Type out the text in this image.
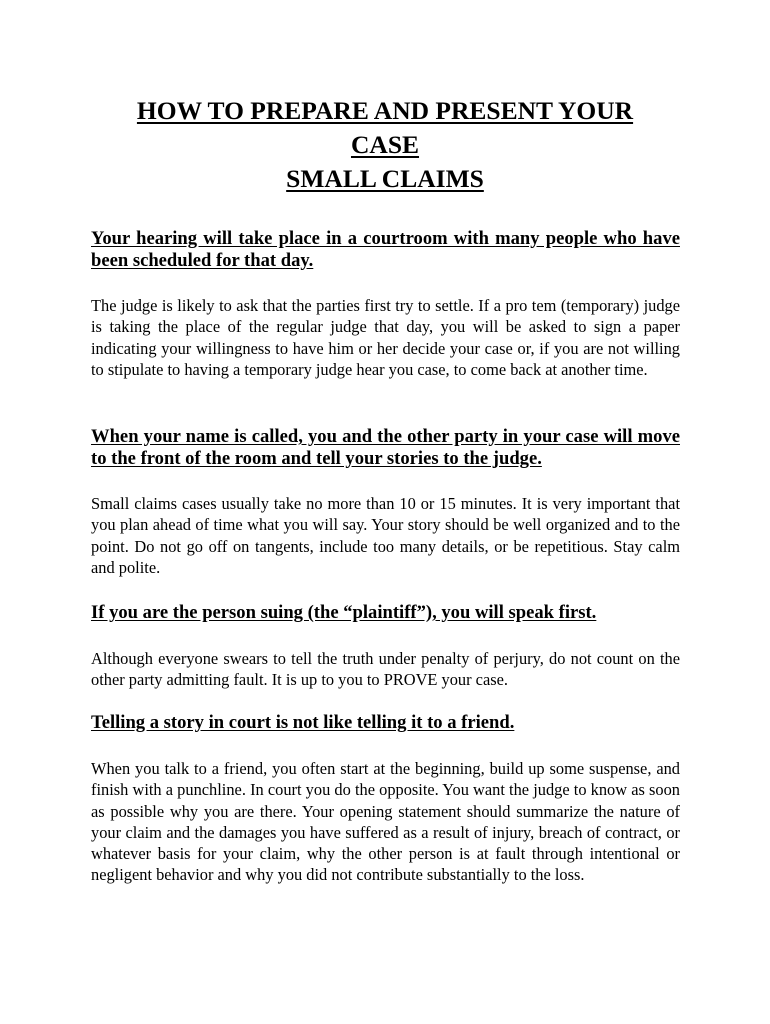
HOW TO PREPARE AND PRESENT YOUR
CASE
SMALL CLAIMS

Your hearing will take place in a courtroom with many people who have been scheduled for that day.

The judge is likely to ask that the parties first try to settle. If a pro tem (temporary) judge is taking the place of the regular judge that day, you will be asked to sign a paper indicating your willingness to have him or her decide your case or, if you are not willing to stipulate to having a temporary judge hear you case, to come back at another time.

When your name is called, you and the other party in your case will move to the front of the room and tell your stories to the judge.

Small claims cases usually take no more than 10 or 15 minutes. It is very important that you plan ahead of time what you will say. Your story should be well organized and to the point. Do not go off on tangents, include too many details, or be repetitious. Stay calm and polite.

If you are the person suing (the “plaintiff”), you will speak first.

Although everyone swears to tell the truth under penalty of perjury, do not count on the other party admitting fault. It is up to you to PROVE your case.

Telling a story in court is not like telling it to a friend.

When you talk to a friend, you often start at the beginning, build up some suspense, and finish with a punchline. In court you do the opposite. You want the judge to know as soon as possible why you are there. Your opening statement should summarize the nature of your claim and the damages you have suffered as a result of injury, breach of contract, or whatever basis for your claim, why the other person is at fault through intentional or negligent behavior and why you did not contribute substantially to the loss.
